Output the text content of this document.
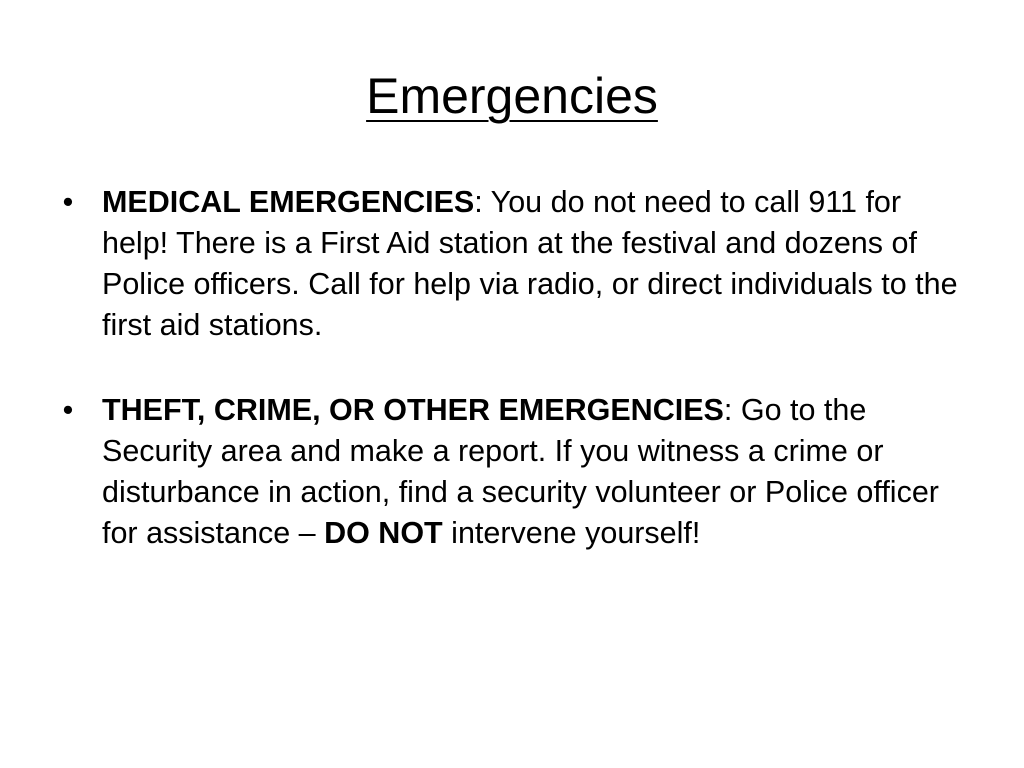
Emergencies
• MEDICAL EMERGENCIES: You do not need to call 911 for help! There is a First Aid station at the festival and dozens of Police officers. Call for help via radio, or direct individuals to the first aid stations.
• THEFT, CRIME, OR OTHER EMERGENCIES: Go to the Security area and make a report. If you witness a crime or disturbance in action, find a security volunteer or Police officer for assistance – DO NOT intervene yourself!
